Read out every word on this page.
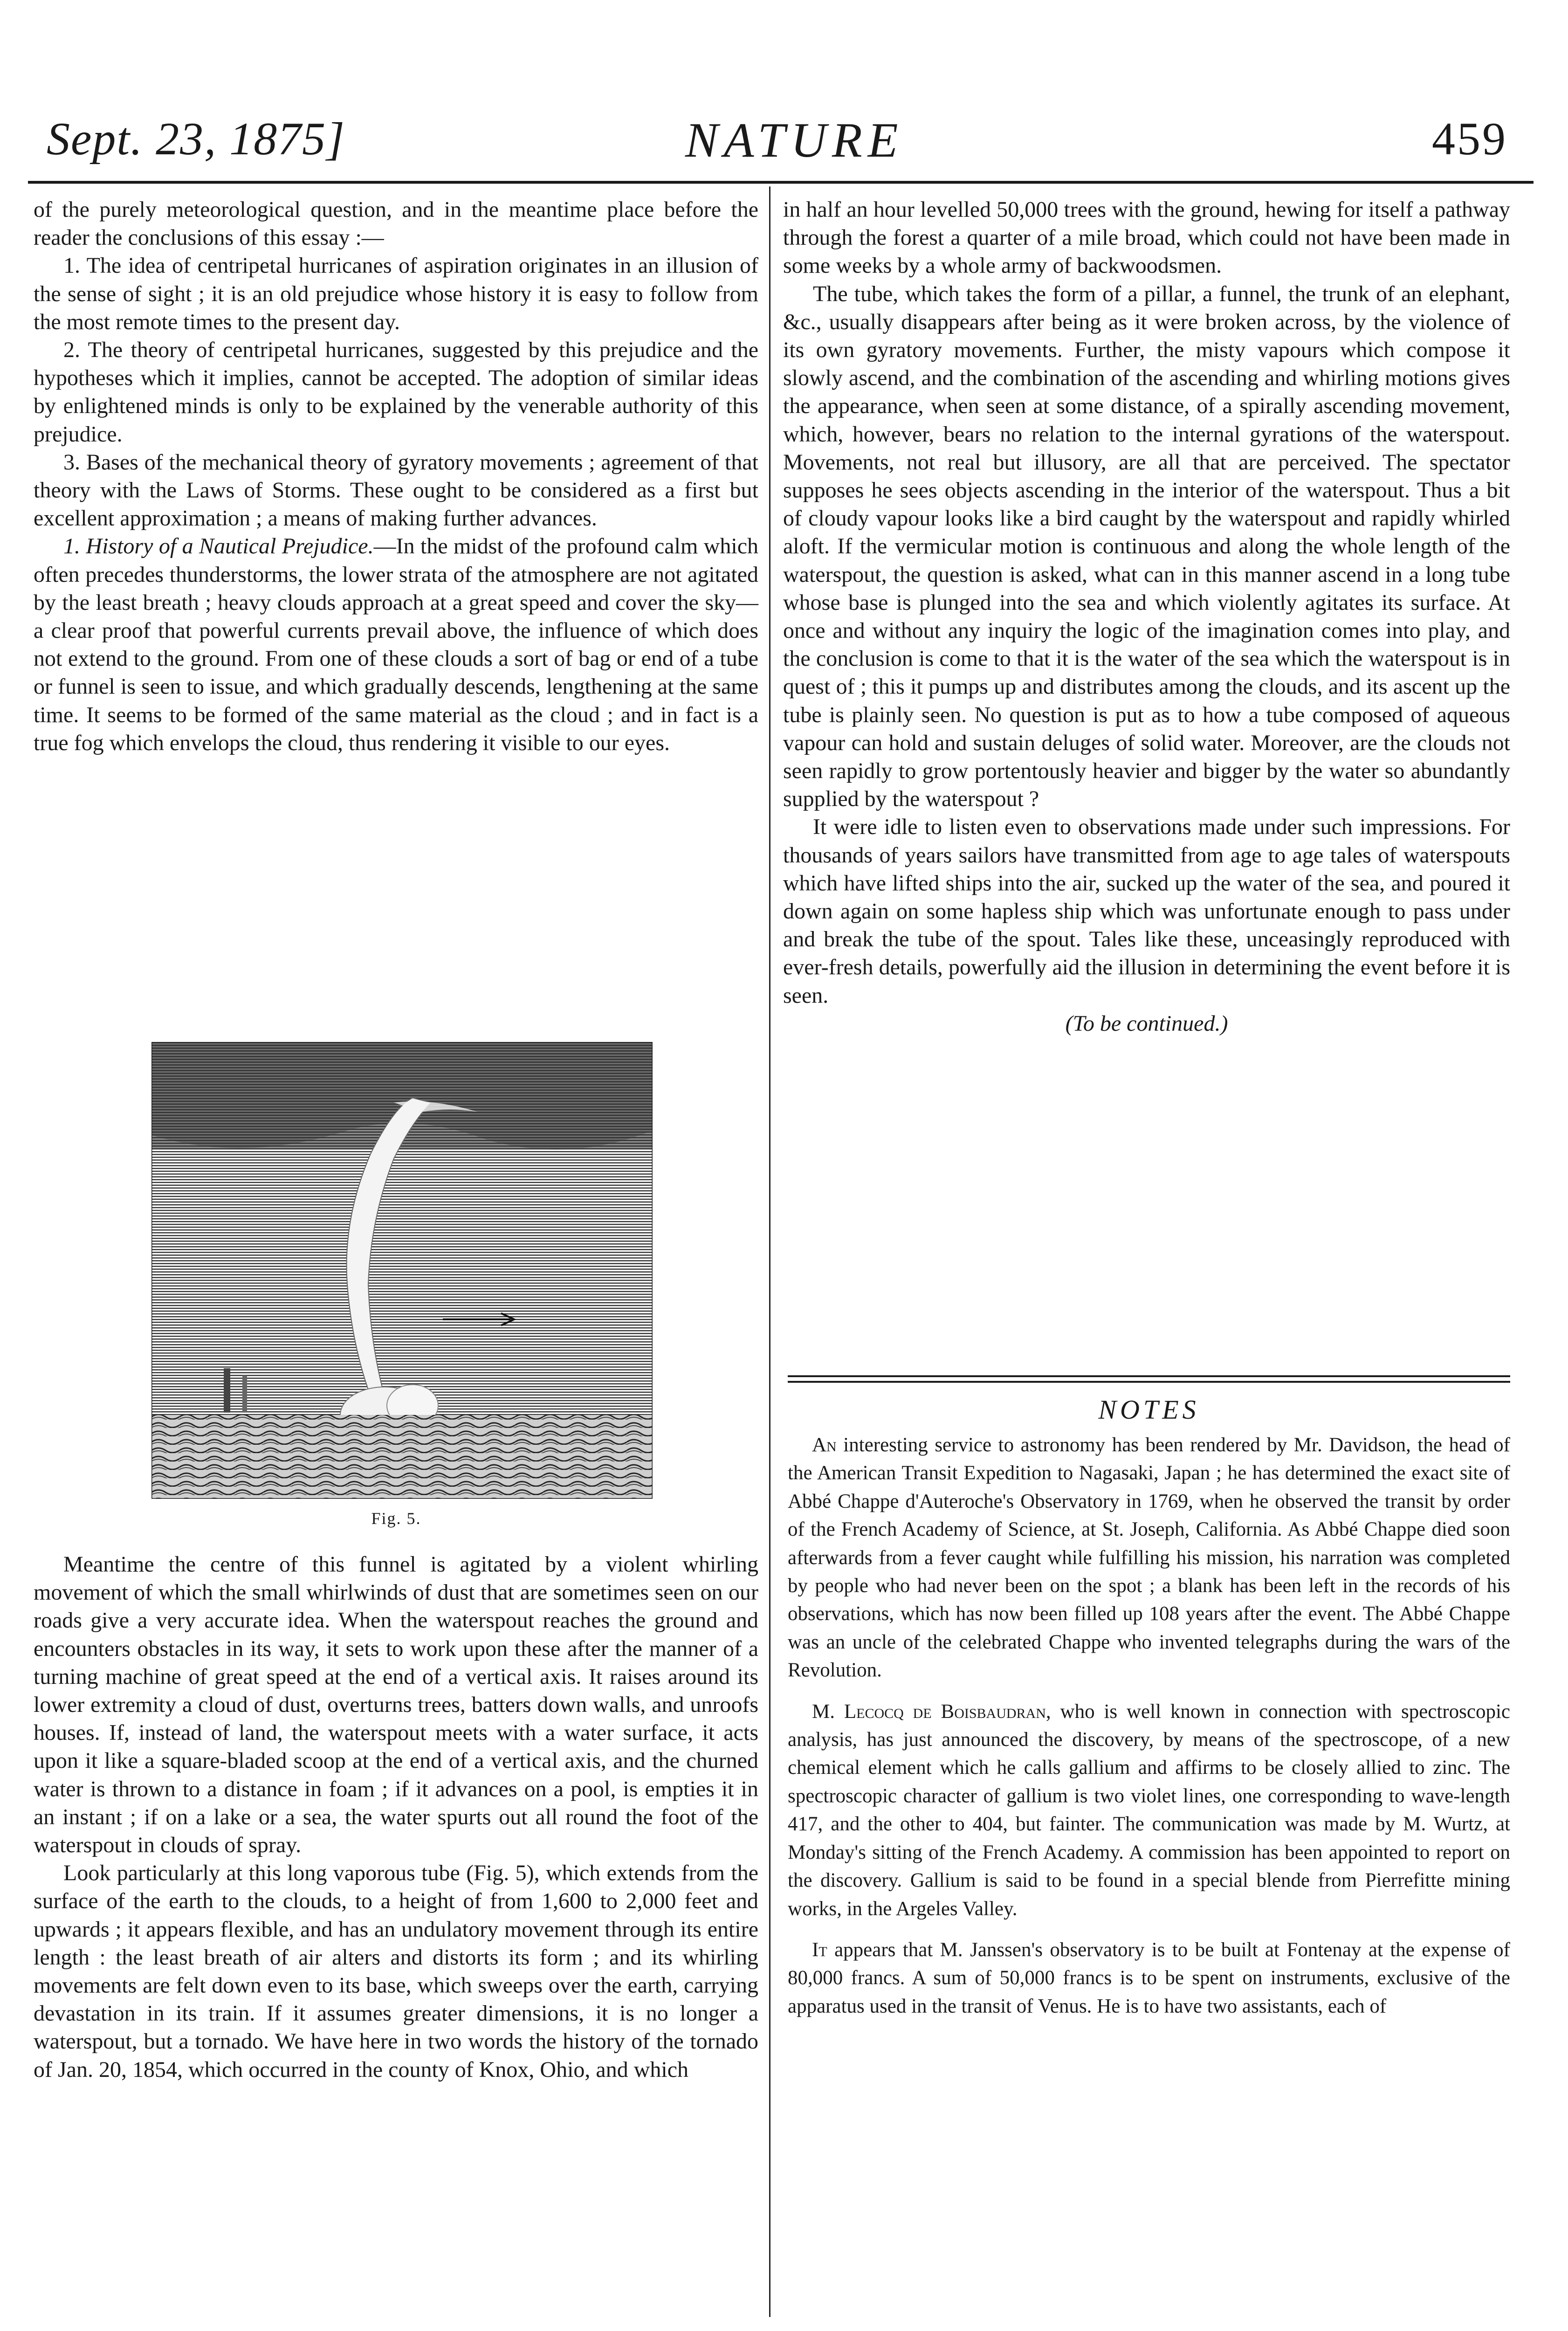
Sept. 23, 1875]	NATURE	459

of the purely meteorological question, and in the meantime place before the reader the conclusions of this essay :—

1. The idea of centripetal hurricanes of aspiration originates in an illusion of the sense of sight ; it is an old prejudice whose history it is easy to follow from the most remote times to the present day.

2. The theory of centripetal hurricanes, suggested by this prejudice and the hypotheses which it implies, cannot be accepted. The adoption of similar ideas by enlightened minds is only to be explained by the venerable authority of this prejudice.

3. Bases of the mechanical theory of gyratory movements ; agreement of that theory with the Laws of Storms. These ought to be considered as a first but excellent approximation ; a means of making further advances.

1. History of a Nautical Prejudice.—In the midst of the profound calm which often precedes thunderstorms, the lower strata of the atmosphere are not agitated by the least breath ; heavy clouds approach at a great speed and cover the sky—a clear proof that powerful currents prevail above, the influence of which does not extend to the ground. From one of these clouds a sort of bag or end of a tube or funnel is seen to issue, and which gradually descends, lengthening at the same time. It seems to be formed of the same material as the cloud ; and in fact is a true fog which envelops the cloud, thus rendering it visible to our eyes.

Fig. 5.

Meantime the centre of this funnel is agitated by a violent whirling movement of which the small whirlwinds of dust that are sometimes seen on our roads give a very accurate idea. When the waterspout reaches the ground and encounters obstacles in its way, it sets to work upon these after the manner of a turning machine of great speed at the end of a vertical axis. It raises around its lower extremity a cloud of dust, overturns trees, batters down walls, and unroofs houses. If, instead of land, the waterspout meets with a water surface, it acts upon it like a square-bladed scoop at the end of a vertical axis, and the churned water is thrown to a distance in foam ; if it advances on a pool, is empties it in an instant ; if on a lake or a sea, the water spurts out all round the foot of the waterspout in clouds of spray.

Look particularly at this long vaporous tube (Fig. 5), which extends from the surface of the earth to the clouds, to a height of from 1,600 to 2,000 feet and upwards ; it appears flexible, and has an undulatory movement through its entire length : the least breath of air alters and distorts its form ; and its whirling movements are felt down even to its base, which sweeps over the earth, carrying devastation in its train. If it assumes greater dimensions, it is no longer a waterspout, but a tornado. We have here in two words the history of the tornado of Jan. 20, 1854, which occurred in the county of Knox, Ohio, and which

in half an hour levelled 50,000 trees with the ground, hewing for itself a pathway through the forest a quarter of a mile broad, which could not have been made in some weeks by a whole army of backwoodsmen.

The tube, which takes the form of a pillar, a funnel, the trunk of an elephant, &c., usually disappears after being as it were broken across, by the violence of its own gyratory movements. Further, the misty vapours which compose it slowly ascend, and the combination of the ascending and whirling motions gives the appearance, when seen at some distance, of a spirally ascending movement, which, however, bears no relation to the internal gyrations of the waterspout. Movements, not real but illusory, are all that are perceived. The spectator supposes he sees objects ascending in the interior of the waterspout. Thus a bit of cloudy vapour looks like a bird caught by the waterspout and rapidly whirled aloft. If the vermicular motion is continuous and along the whole length of the waterspout, the question is asked, what can in this manner ascend in a long tube whose base is plunged into the sea and which violently agitates its surface. At once and without any inquiry the logic of the imagination comes into play, and the conclusion is come to that it is the water of the sea which the waterspout is in quest of ; this it pumps up and distributes among the clouds, and its ascent up the tube is plainly seen. No question is put as to how a tube composed of aqueous vapour can hold and sustain deluges of solid water. Moreover, are the clouds not seen rapidly to grow portentously heavier and bigger by the water so abundantly supplied by the waterspout ?

It were idle to listen even to observations made under such impressions. For thousands of years sailors have transmitted from age to age tales of waterspouts which have lifted ships into the air, sucked up the water of the sea, and poured it down again on some hapless ship which was unfortunate enough to pass under and break the tube of the spout. Tales like these, unceasingly reproduced with ever-fresh details, powerfully aid the illusion in determining the event before it is seen.

(To be continued.)

NOTES

An interesting service to astronomy has been rendered by Mr. Davidson, the head of the American Transit Expedition to Nagasaki, Japan ; he has determined the exact site of Abbé Chappe d'Auteroche's Observatory in 1769, when he observed the transit by order of the French Academy of Science, at St. Joseph, California. As Abbé Chappe died soon afterwards from a fever caught while fulfilling his mission, his narration was completed by people who had never been on the spot ; a blank has been left in the records of his observations, which has now been filled up 108 years after the event. The Abbé Chappe was an uncle of the celebrated Chappe who invented telegraphs during the wars of the Revolution.

M. Lecocq de Boisbaudran, who is well known in connection with spectroscopic analysis, has just announced the discovery, by means of the spectroscope, of a new chemical element which he calls gallium and affirms to be closely allied to zinc. The spectroscopic character of gallium is two violet lines, one corresponding to wave-length 417, and the other to 404, but fainter. The communication was made by M. Wurtz, at Monday's sitting of the French Academy. A commission has been appointed to report on the discovery. Gallium is said to be found in a special blende from Pierrefitte mining works, in the Argeles Valley.

It appears that M. Janssen's observatory is to be built at Fontenay at the expense of 80,000 francs. A sum of 50,000 francs is to be spent on instruments, exclusive of the apparatus used in the transit of Venus. He is to have two assistants, each of
